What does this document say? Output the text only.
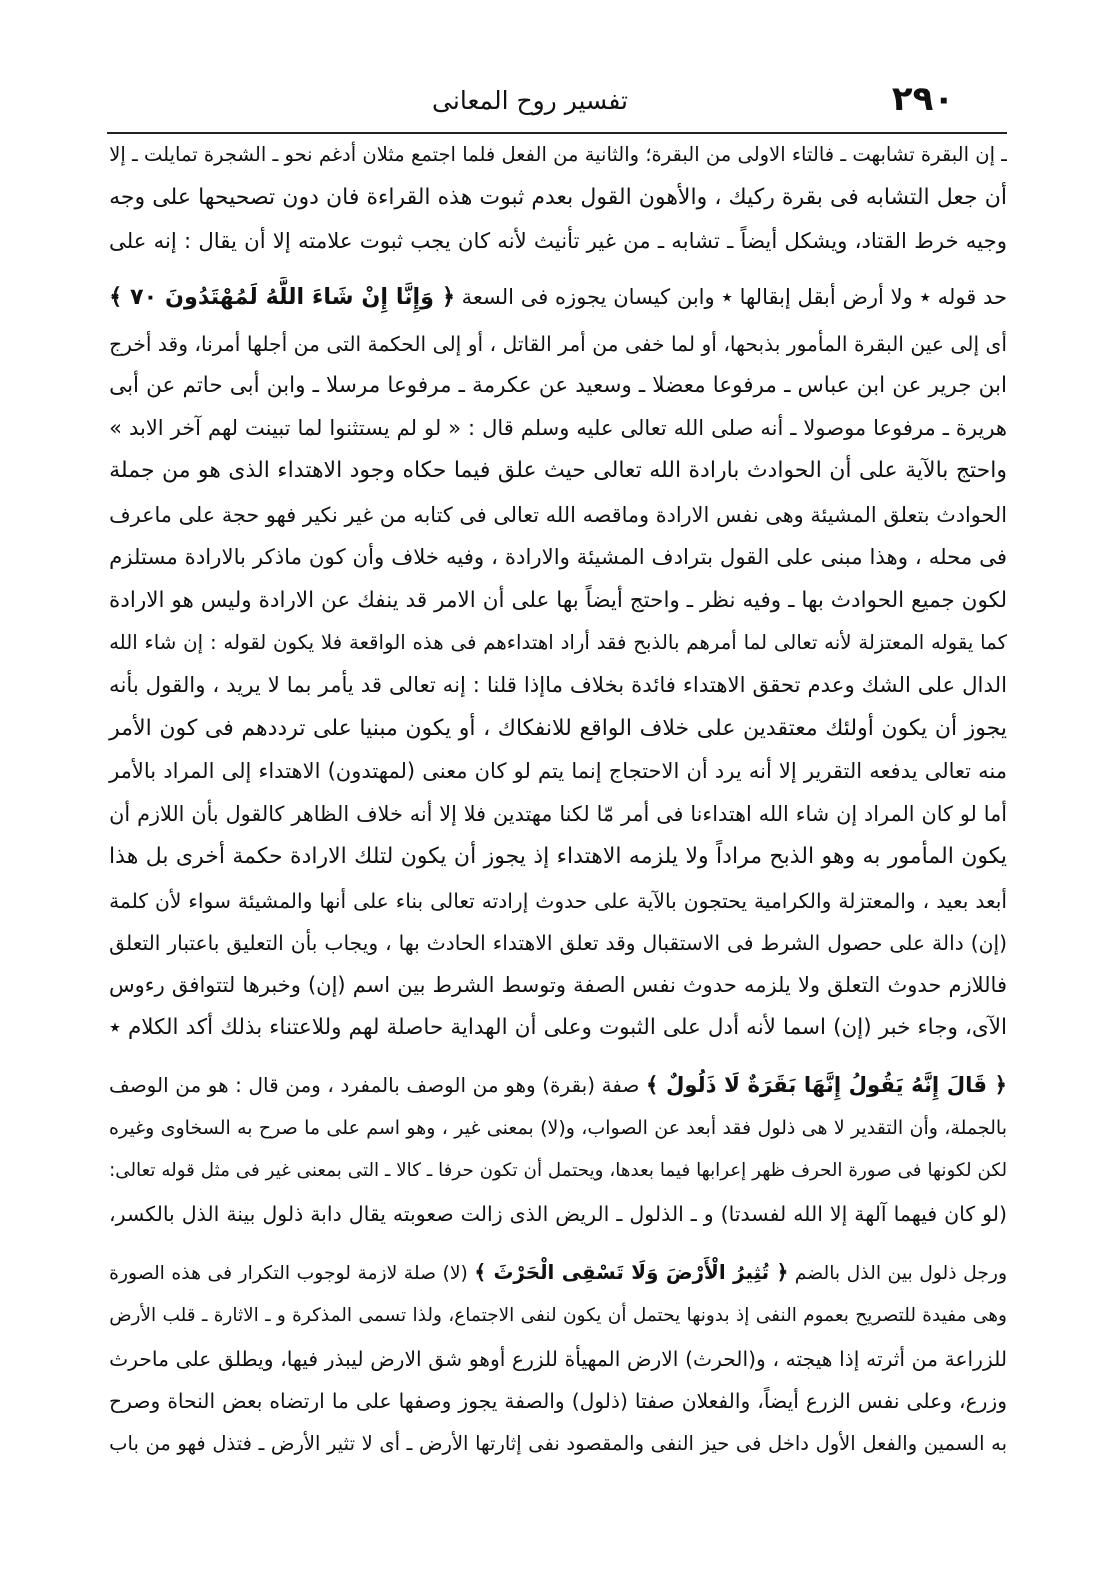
٢٩٠
تفسير روح المعانى
ـ إن البقرة تشابهت ـ فالتاء الاولى من البقرة؛ والثانية من الفعل فلما اجتمع مثلان أدغم نحو ـ الشجرة تمايلت ـ إلا
أن جعل التشابه فى بقرة ركيك ، والأهون القول بعدم ثبوت هذه القراءة فان دون تصحيحها على وجه
وجيه خرط القتاد، ويشكل أيضاً ـ تشابه ـ من غير تأنيث لأنه كان يجب ثبوت علامته إلا أن يقال : إنه على
حد قوله ٭ ولا أرض أبقل إبقالها ٭ وابن كيسان يجوزه فى السعة ﴿ وَإِنَّا إِنْ شَاءَ اللَّهُ لَمُهْتَدُونَ ٧٠ ﴾
أى إلى عين البقرة المأمور بذبحها، أو لما خفى من أمر القاتل ، أو إلى الحكمة التى من أجلها أمرنا، وقد أخرج
ابن جرير عن ابن عباس ـ مرفوعا معضلا ـ وسعيد عن عكرمة ـ مرفوعا مرسلا ـ وابن أبى حاتم عن أبى
هريرة ـ مرفوعا موصولا ـ أنه صلى الله تعالى عليه وسلم قال : « لو لم يستثنوا لما تبينت لهم آخر الابد »
واحتج بالآية على أن الحوادث بارادة الله تعالى حيث علق فيما حكاه وجود الاهتداء الذى هو من جملة
الحوادث بتعلق المشيئة وهى نفس الارادة وماقصه الله تعالى فى كتابه من غير نكير فهو حجة على ماعرف
فى محله ، وهذا مبنى على القول بترادف المشيئة والارادة ، وفيه خلاف وأن كون ماذكر بالارادة مستلزم
لكون جميع الحوادث بها ـ وفيه نظر ـ واحتج أيضاً بها على أن الامر قد ينفك عن الارادة وليس هو الارادة
كما يقوله المعتزلة لأنه تعالى لما أمرهم بالذبح فقد أراد اهتداءهم فى هذه الواقعة فلا يكون لقوله : إن شاء الله
الدال على الشك وعدم تحقق الاهتداء فائدة بخلاف ماإذا قلنا : إنه تعالى قد يأمر بما لا يريد ، والقول بأنه
يجوز أن يكون أولئك معتقدين على خلاف الواقع للانفكاك ، أو يكون مبنيا على ترددهم فى كون الأمر
منه تعالى يدفعه التقرير إلا أنه يرد أن الاحتجاج إنما يتم لو كان معنى (لمهتدون) الاهتداء إلى المراد بالأمر
أما لو كان المراد إن شاء الله اهتداءنا فى أمر مّا لكنا مهتدين فلا إلا أنه خلاف الظاهر كالقول بأن اللازم أن
يكون المأمور به وهو الذبح مراداً ولا يلزمه الاهتداء إذ يجوز أن يكون لتلك الارادة حكمة أخرى بل هذا
أبعد بعيد ، والمعتزلة والكرامية يحتجون بالآية على حدوث إرادته تعالى بناء على أنها والمشيئة سواء لأن كلمة
(إن) دالة على حصول الشرط فى الاستقبال وقد تعلق الاهتداء الحادث بها ، ويجاب بأن التعليق باعتبار التعلق
فاللازم حدوث التعلق ولا يلزمه حدوث نفس الصفة وتوسط الشرط بين اسم (إن) وخبرها لتتوافق رءوس
الآى، وجاء خبر (إن) اسما لأنه أدل على الثبوت وعلى أن الهداية حاصلة لهم وللاعتناء بذلك أكد الكلام ٭
﴿ قَالَ إِنَّهُ يَقُولُ إِنَّهَا بَقَرَةٌ لَا ذَلُولٌ ﴾ صفة (بقرة) وهو من الوصف بالمفرد ، ومن قال : هو من الوصف
بالجملة، وأن التقدير لا هى ذلول فقد أبعد عن الصواب، و(لا) بمعنى غير ، وهو اسم على ما صرح به السخاوى وغيره
لكن لكونها فى صورة الحرف ظهر إعرابها فيما بعدها، ويحتمل أن تكون حرفا ـ كالا ـ التى بمعنى غير فى مثل قوله تعالى:
(لو كان فيهما آلهة إلا الله لفسدتا) و ـ الذلول ـ الريض الذى زالت صعوبته يقال دابة ذلول بينة الذل بالكسر،
ورجل ذلول بين الذل بالضم ﴿ تُثِيرُ الْأَرْضَ وَلَا تَسْقِى الْحَرْثَ ﴾ (لا) صلة لازمة لوجوب التكرار فى هذه الصورة
وهى مفيدة للتصريح بعموم النفى إذ بدونها يحتمل أن يكون لنفى الاجتماع، ولذا تسمى المذكرة و ـ الاثارة ـ قلب الأرض
للزراعة من أثرته إذا هيجته ، و(الحرث) الارض المهيأة للزرع أوهو شق الارض ليبذر فيها، ويطلق على ماحرث
وزرع، وعلى نفس الزرع أيضاً، والفعلان صفتا (ذلول) والصفة يجوز وصفها على ما ارتضاه بعض النحاة وصرح
به السمين والفعل الأول داخل فى حيز النفى والمقصود نفى إثارتها الأرض ـ أى لا تثير الأرض ـ فتذل فهو من باب
